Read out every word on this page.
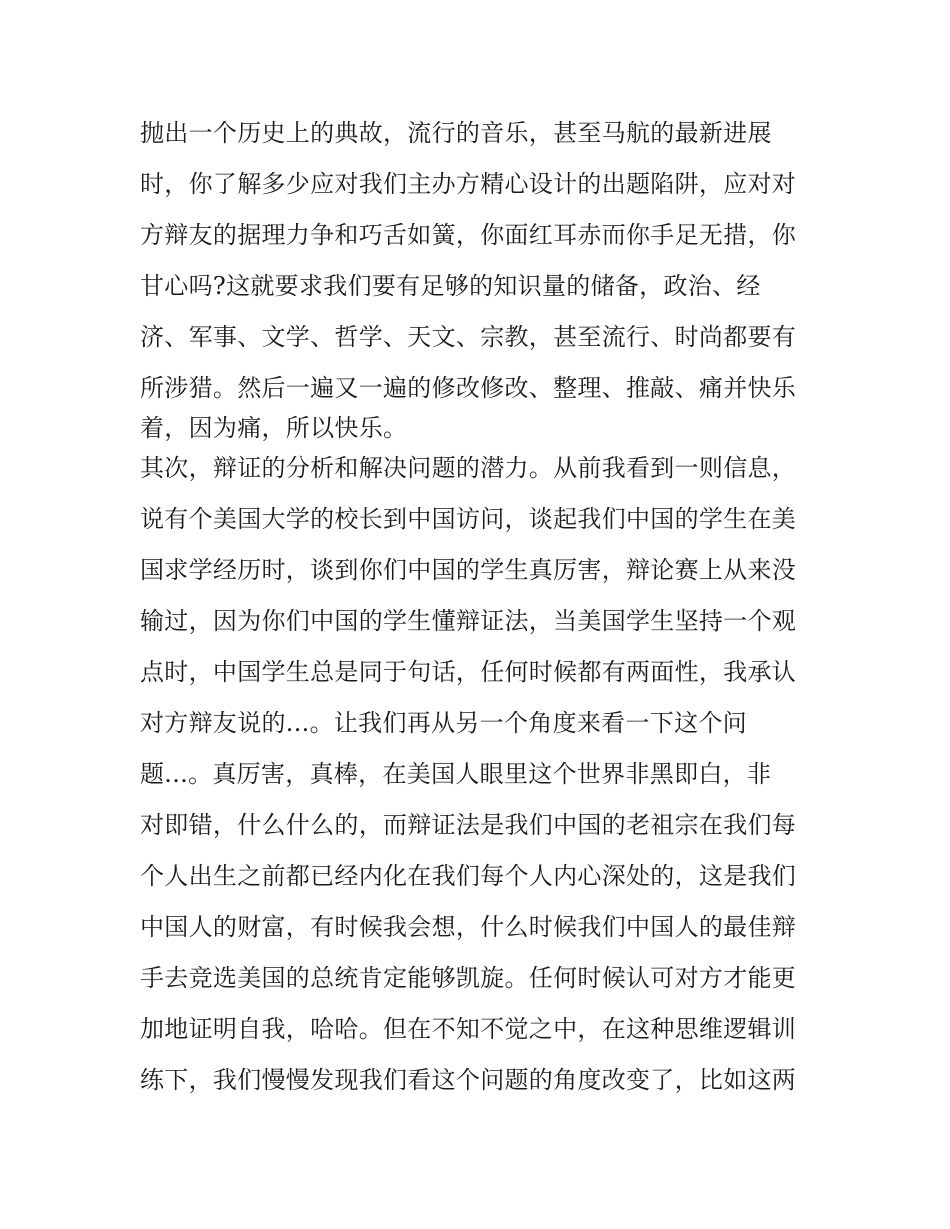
抛出一个历史上的典故，流行的音乐，甚至马航的最新进展
时，你了解多少应对我们主办方精心设计的出题陷阱，应对对
方辩友的据理力争和巧舌如簧，你面红耳赤而你手足无措，你
甘心吗?这就要求我们要有足够的知识量的储备，政治、经
济、军事、文学、哲学、天文、宗教，甚至流行、时尚都要有
所涉猎。然后一遍又一遍的修改修改、整理、推敲、痛并快乐
着，因为痛，所以快乐。
其次，辩证的分析和解决问题的潜力。从前我看到一则信息，
说有个美国大学的校长到中国访问，谈起我们中国的学生在美
国求学经历时，谈到你们中国的学生真厉害，辩论赛上从来没
输过，因为你们中国的学生懂辩证法，当美国学生坚持一个观
点时，中国学生总是同于句话，任何时候都有两面性，我承认
对方辩友说的...。让我们再从另一个角度来看一下这个问
题...。真厉害，真棒，在美国人眼里这个世界非黑即白，非
对即错，什么什么的，而辩证法是我们中国的老祖宗在我们每
个人出生之前都已经内化在我们每个人内心深处的，这是我们
中国人的财富，有时候我会想，什么时候我们中国人的最佳辩
手去竞选美国的总统肯定能够凯旋。任何时候认可对方才能更
加地证明自我，哈哈。但在不知不觉之中，在这种思维逻辑训
练下，我们慢慢发现我们看这个问题的角度改变了，比如这两
